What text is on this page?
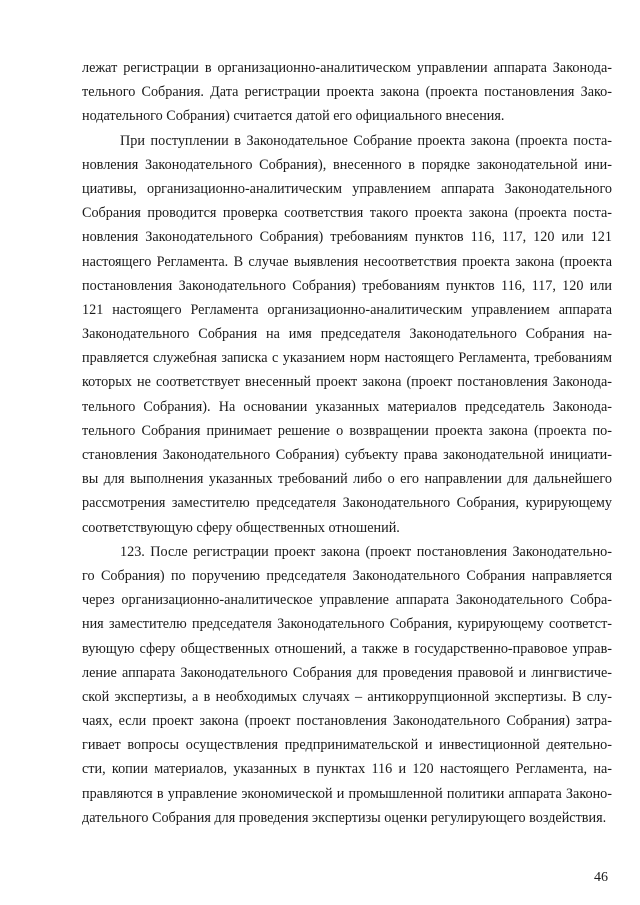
лежат регистрации в организационно-аналитическом управлении аппарата Законода-
тельного Собрания. Дата регистрации проекта закона (проекта постановления Зако-
нодательного Собрания) считается датой его официального внесения.
При поступлении в Законодательное Собрание проекта закона (проекта поста-
новления Законодательного Собрания), внесенного в порядке законодательной ини-
циативы, организационно-аналитическим управлением аппарата Законодательного
Собрания проводится проверка соответствия такого проекта закона (проекта поста-
новления Законодательного Собрания) требованиям пунктов 116, 117, 120 или 121
настоящего Регламента. В случае выявления несоответствия проекта закона (проекта
постановления Законодательного Собрания) требованиям пунктов 116, 117, 120 или
121 настоящего Регламента организационно-аналитическим управлением аппарата
Законодательного Собрания на имя председателя Законодательного Собрания на-
правляется служебная записка с указанием норм настоящего Регламента, требованиям
которых не соответствует внесенный проект закона (проект постановления Законода-
тельного Собрания). На основании указанных материалов председатель Законода-
тельного Собрания принимает решение о возвращении проекта закона (проекта по-
становления Законодательного Собрания) субъекту права законодательной инициати-
вы для выполнения указанных требований либо о его направлении для дальнейшего
рассмотрения заместителю председателя Законодательного Собрания, курирующему
соответствующую сферу общественных отношений.
123. После регистрации проект закона (проект постановления Законодательно-
го Собрания) по поручению председателя Законодательного Собрания направляется
через организационно-аналитическое управление аппарата Законодательного Собра-
ния заместителю председателя Законодательного Собрания, курирующему соответст-
вующую сферу общественных отношений, а также в государственно-правовое управ-
ление аппарата Законодательного Собрания для проведения правовой и лингвистиче-
ской экспертизы, а в необходимых случаях – антикоррупционной экспертизы. В слу-
чаях, если проект закона (проект постановления Законодательного Собрания) затра-
гивает вопросы осуществления предпринимательской и инвестиционной деятельно-
сти, копии материалов, указанных в пунктах 116 и 120 настоящего Регламента, на-
правляются в управление экономической и промышленной политики аппарата Законо-
дательного Собрания для проведения экспертизы оценки регулирующего воздействия.
46
